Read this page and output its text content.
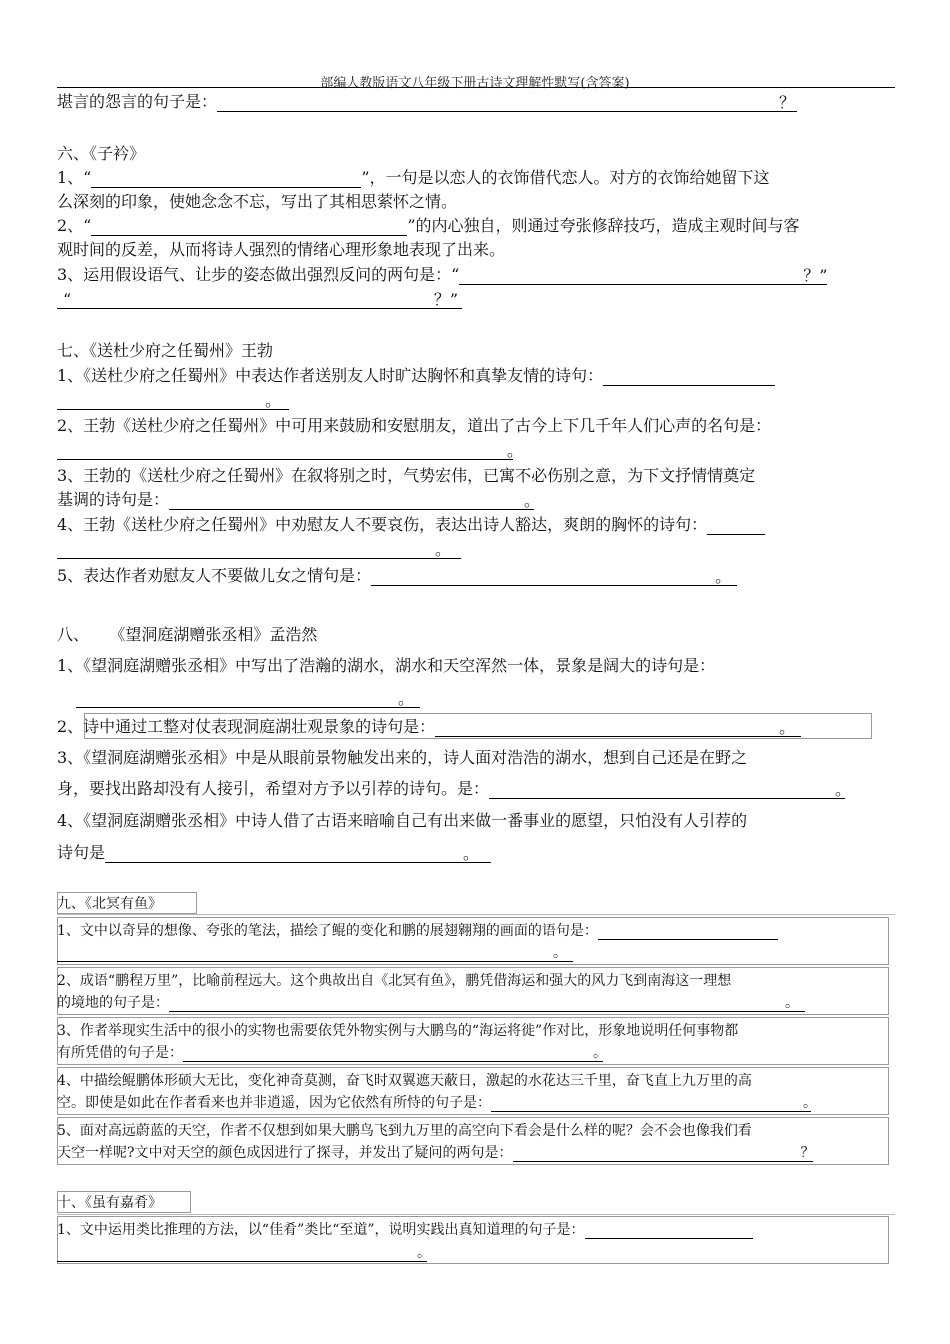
部编人教版语文八年级下册古诗文理解性默写(含答案)
堪言的怨言的句子是：	？
六、《子衿》
1、“	”，一句是以恋人的衣饰借代恋人。对方的衣饰给她留下这
么深刻的印象，使她念念不忘，写出了其相思萦怀之情。
2、“	”的内心独自，则通过夸张修辞技巧，造成主观时间与客
观时间的反差，从而将诗人强烈的情绪心理形象地表现了出来。
3、运用假设语气、让步的姿态做出强烈反问的两句是：“	？”
“	？”
七、《送杜少府之任蜀州》王勃
1、《送杜少府之任蜀州》中表达作者送别友人时旷达胸怀和真挚友情的诗句：
。
2、王勃《送杜少府之任蜀州》中可用来鼓励和安慰朋友，道出了古今上下几千年人们心声的名句是：
。
3、王勃的《送杜少府之任蜀州》在叙将别之时，气势宏伟，已寓不必伤别之意，为下文抒情情奠定
基调的诗句是：	。
4、王勃《送杜少府之任蜀州》中劝慰友人不要哀伤，表达出诗人豁达，爽朗的胸怀的诗句：
。
5、表达作者劝慰友人不要做儿女之情句是：	。
八、    《望洞庭湖赠张丞相》孟浩然
1、《望洞庭湖赠张丞相》中写出了浩瀚的湖水，湖水和天空浑然一体，景象是阔大的诗句是：
。
2、诗中通过工整对仗表现洞庭湖壮观景象的诗句是：	。
3、《望洞庭湖赠张丞相》中是从眼前景物触发出来的，诗人面对浩浩的湖水，想到自己还是在野之
身，要找出路却没有人接引，希望对方予以引荐的诗句。是：	。
4、《望洞庭湖赠张丞相》中诗人借了古语来暗喻自己有出来做一番事业的愿望，只怕没有人引荐的
诗句是	。
九、《北冥有鱼》
1、文中以奇异的想像、夸张的笔法，描绘了鲲的变化和鹏的展翅翱翔的画面的语句是：
。
2、成语“鹏程万里”，比喻前程远大。这个典故出自《北冥有鱼》，鹏凭借海运和强大的风力飞到南海这一理想
的境地的句子是：	。
3、作者举现实生活中的很小的实物也需要依凭外物实例与大鹏鸟的“海运将徙”作对比，形象地说明任何事物都
有所凭借的句子是：	。
4、中描绘鲲鹏体形硕大无比，变化神奇莫测，奋飞时双翼遮天蔽日，激起的水花达三千里，奋飞直上九万里的高
空。即使是如此在作者看来也并非逍遥，因为它依然有所恃的句子是：	。
5、面对高远蔚蓝的天空，作者不仅想到如果大鹏鸟飞到九万里的高空向下看会是什么样的呢？会不会也像我们看
天空一样呢?文中对天空的颜色成因进行了探寻，并发出了疑问的两句是：	？
十、《虽有嘉肴》
1、文中运用类比推理的方法，以“佳肴”类比“至道”，说明实践出真知道理的句子是：
。
